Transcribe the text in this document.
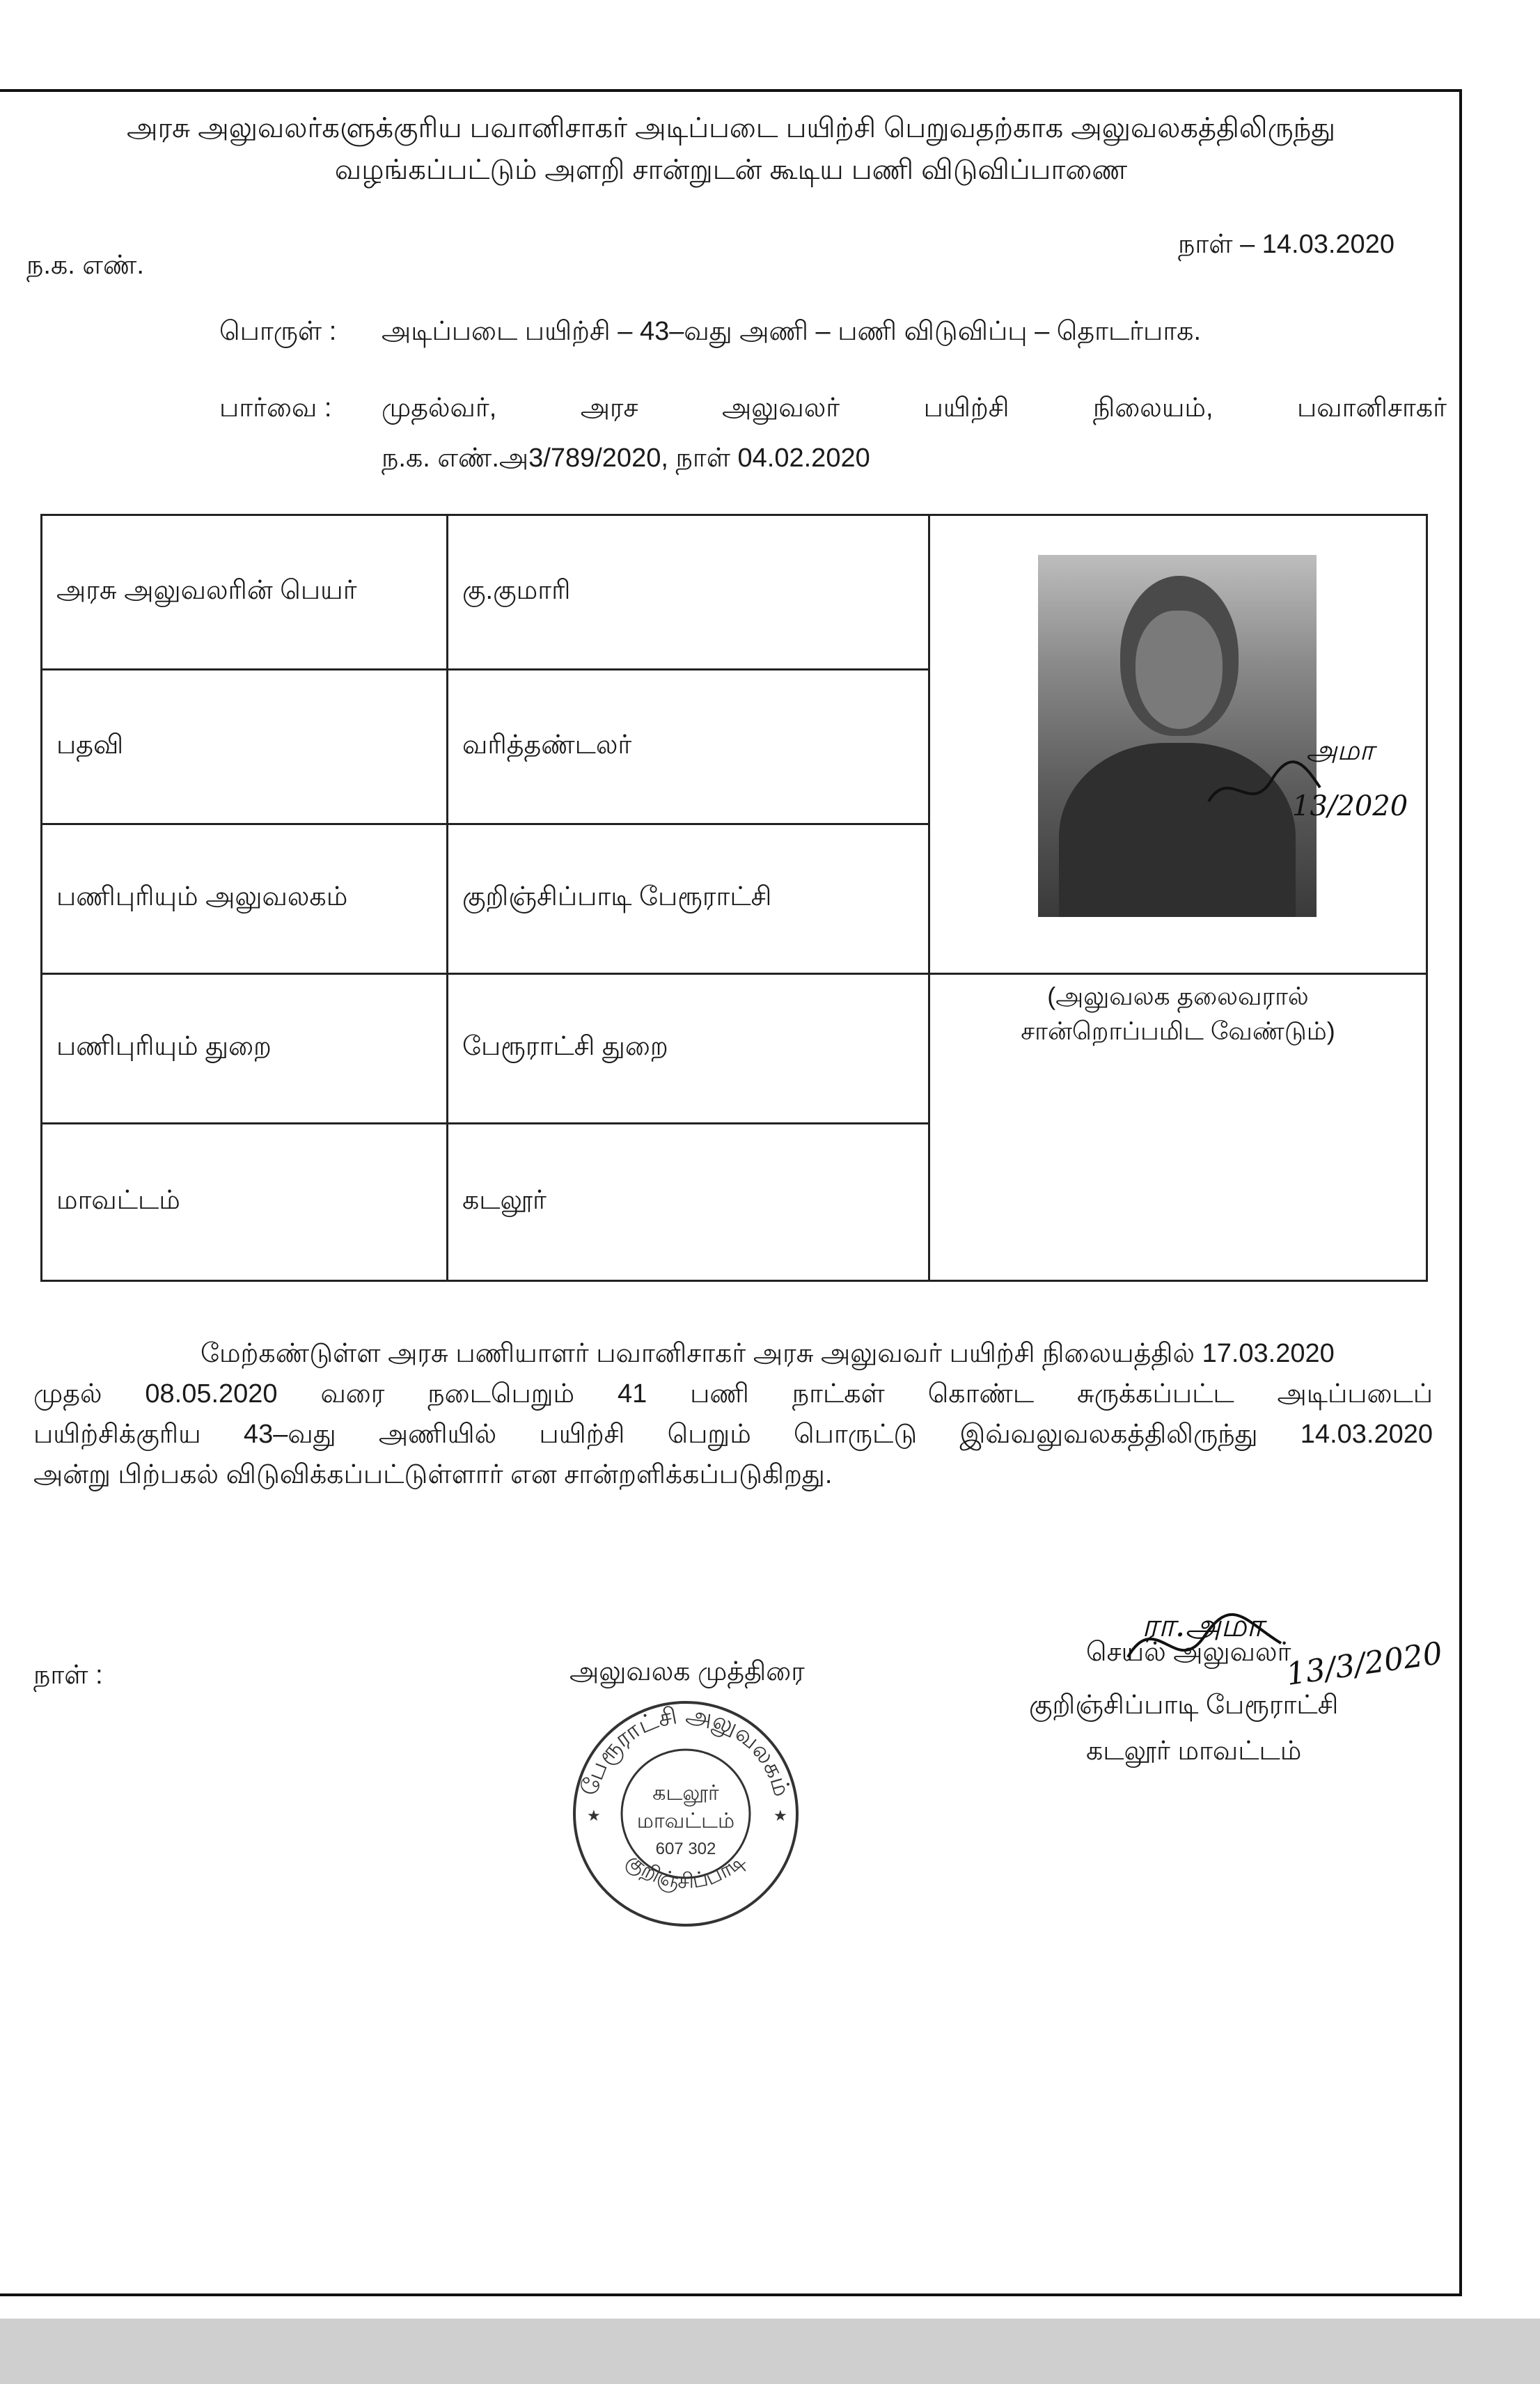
அரசு அலுவலர்களுக்குரிய பவானிசாகர் அடிப்படை பயிற்சி பெறுவதற்காக அலுவலகத்திலிருந்து
வழங்கப்பட்டும் அளறி சான்றுடன் கூடிய பணி விடுவிப்பாணை
ந.க. எண்.
நாள் – 14.03.2020
பொருள் : அடிப்படை பயிற்சி – 43–வது அணி – பணி விடுவிப்பு – தொடர்பாக.
பார்வை : முதல்வர்,	அரச	அலுவலர்	பயிற்சி	நிலையம்,	பவானிசாகர்
ந.க. எண்.அ3/789/2020, நாள் 04.02.2020
அரசு அலுவலரின் பெயர்	கு.குமாரி	அமா
13/2020

பதவி	வரித்தண்டலர்	
பணிபுரியும் அலுவலகம்	குறிஞ்சிப்பாடி பேரூராட்சி	
பணிபுரியும் துறை	பேரூராட்சி துறை	(அலுவலக தலைவரால்
சான்றொப்பமிட வேண்டும்)

மாவட்டம்	கடலூர்	
மேற்கண்டுள்ள அரசு பணியாளர் பவானிசாகர் அரசு அலுவவர் பயிற்சி நிலையத்தில் 17.03.2020
முதல் 08.05.2020 வரை நடைபெறும் 41 பணி நாட்கள் கொண்ட சுருக்கப்பட்ட அடிப்படைப்
பயிற்சிக்குரிய 43–வது அணியில் பயிற்சி பெறும் பொருட்டு இவ்வலுவலகத்திலிருந்து 14.03.2020
அன்று பிற்பகல் விடுவிக்கப்பட்டுள்ளார் என சான்றளிக்கப்படுகிறது.
நாள் :	அலுவலக முத்திரை
செயல் அலுவலர்
குறிஞ்சிப்பாடி பேரூராட்சி
கடலூர் மாவட்டம்
ரா.அமா
13/3/2020
பேரூராட்சி அலுவலகம்
குறிஞ்சிப்பாடி
கடலூர்
மாவட்டம்
607 302
★	★
